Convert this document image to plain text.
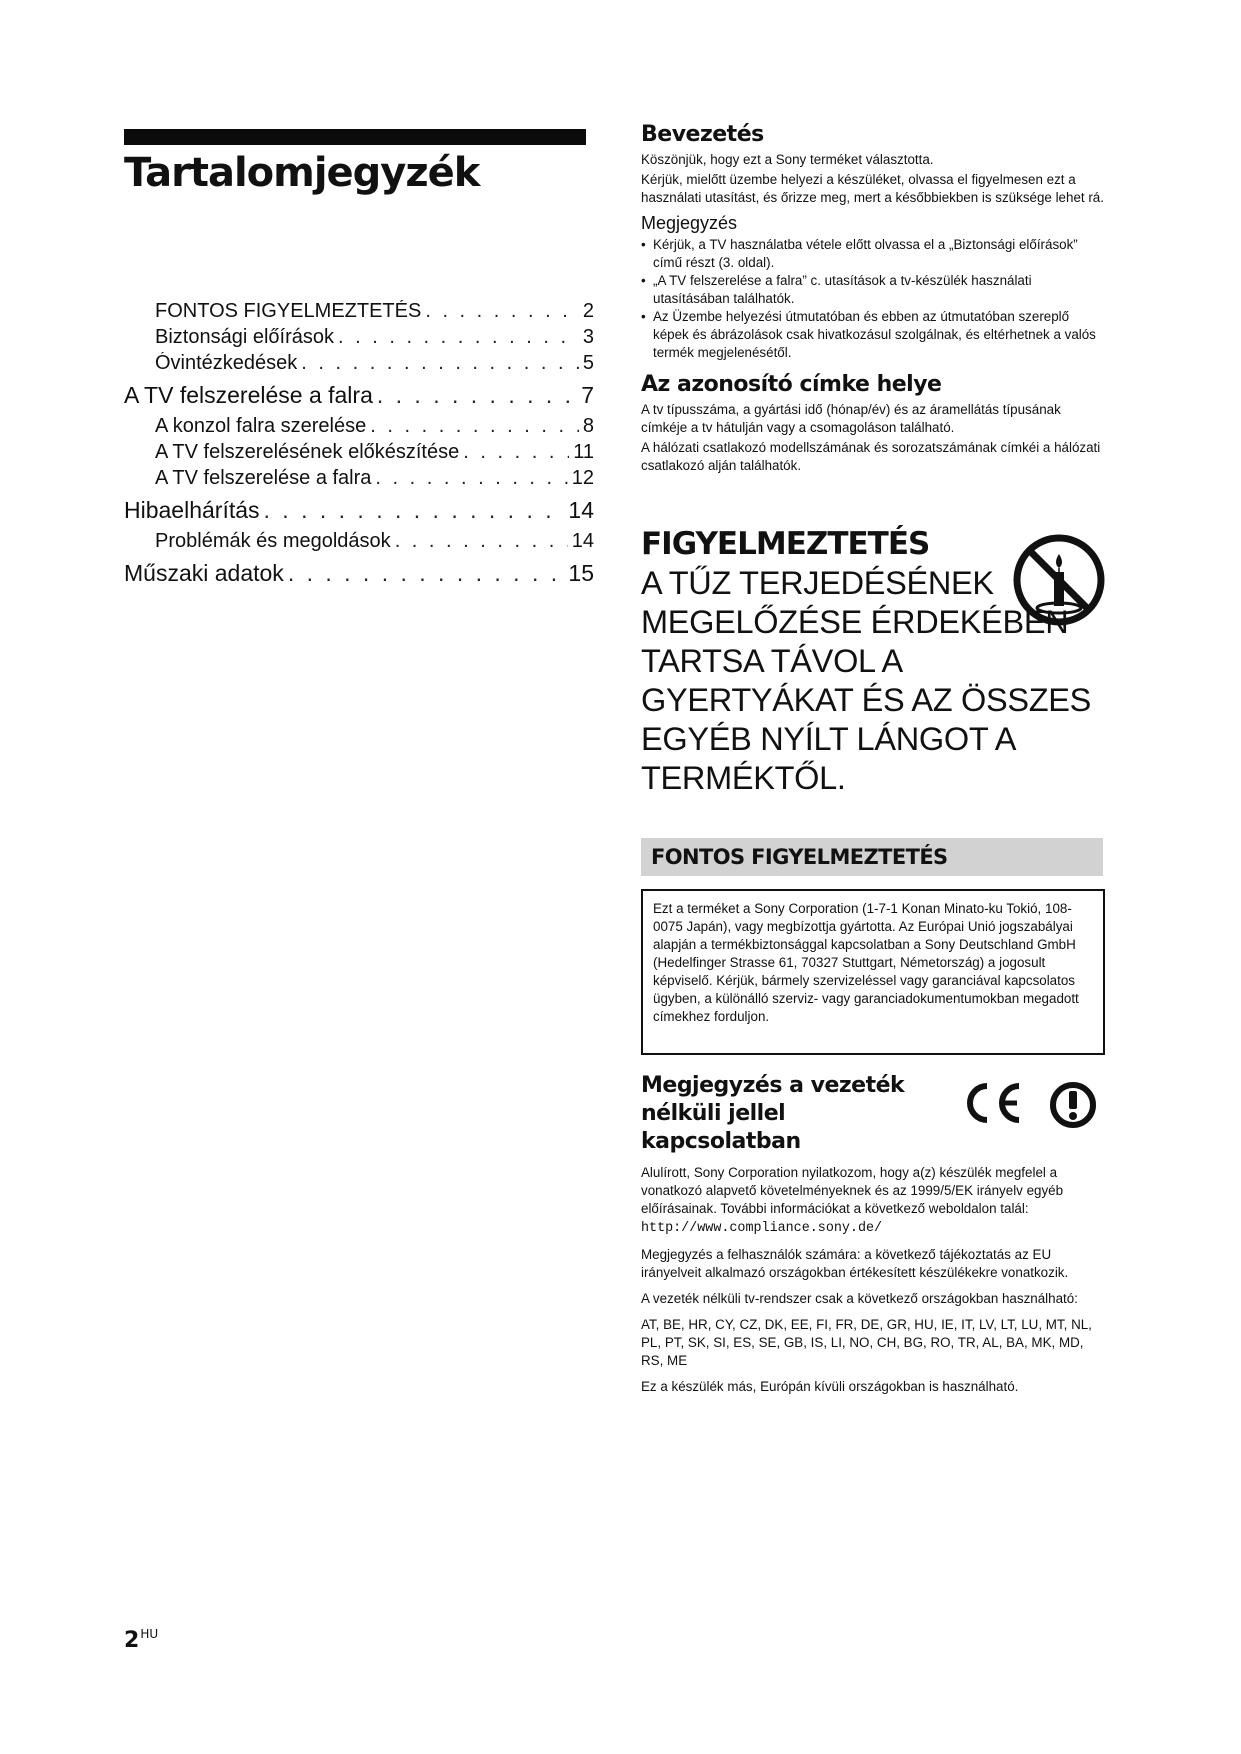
Tartalomjegyzék
FONTOS FIGYELMEZTETÉS . . .	2
Biztonsági előírások . . .	3
Óvintézkedések . . .	5
A TV felszerelése a falra . . .	7
A konzol falra szerelése . . .	8
A TV felszerelésének előkészítése . . .	11
A TV felszerelése a falra . . .	12
Hibaelhárítás . . .	14
Problémák és megoldások . . .	14
Műszaki adatok . . .	15
Bevezetés

Köszönjük, hogy ezt a Sony terméket választotta.

Kérjük, mielőtt üzembe helyezi a készüléket, olvassa el figyelmesen ezt a használati utasítást, és őrizze meg, mert a későbbiekben is szüksége lehet rá.

Megjegyzés
• Kérjük, a TV használatba vétele előtt olvassa el a „Biztonsági előírások” című részt (3. oldal).
• „A TV felszerelése a falra” c. utasítások a tv-készülék használati utasításában találhatók.
• Az Üzembe helyezési útmutatóban és ebben az útmutatóban szereplő képek és ábrázolások csak hivatkozásul szolgálnak, és eltérhetnek a valós termék megjelenésétől.
Az azonosító címke helye

A tv típusszáma, a gyártási idő (hónap/év) és az áramellátás típusának címkéje a tv hátulján vagy a csomagoláson található.

A hálózati csatlakozó modellszámának és sorozatszámának címkéi a hálózati csatlakozó alján találhatók.

FIGYELMEZTETÉS
A TŰZ TERJEDÉSÉNEK MEGELŐZÉSE ÉRDEKÉBEN TARTSA TÁVOL A GYERTYÁKAT ÉS AZ ÖSSZES EGYÉB NYÍLT LÁNGOT A TERMÉKTŐL.
FONTOS FIGYELMEZTETÉS
Ezt a terméket a Sony Corporation (1-7-1 Konan Minato-ku Tokió, 108-0075 Japán), vagy megbízottja gyártotta. Az Európai Unió jogszabályai alapján a termékbiztonsággal kapcsolatban a Sony Deutschland GmbH (Hedelfinger Strasse 61, 70327 Stuttgart, Németország) a jogosult képviselő. Kérjük, bármely szervizeléssel vagy garanciával kapcsolatos ügyben, a különálló szerviz- vagy garanciadokumentumokban megadott címekhez forduljon.
Megjegyzés a vezeték nélküli jellel kapcsolatban

Alulírott, Sony Corporation nyilatkozom, hogy a(z) készülék megfelel a vonatkozó alapvető követelményeknek és az 1999/5/EK irányelv egyéb előírásainak. További információkat a következő weboldalon talál: http://www.compliance.sony.de/

Megjegyzés a felhasználók számára: a következő tájékoztatás az EU irányelveit alkalmazó országokban értékesített készülékekre vonatkozik.

A vezeték nélküli tv-rendszer csak a következő országokban használható:

AT, BE, HR, CY, CZ, DK, EE, FI, FR, DE, GR, HU, IE, IT, LV, LT, LU, MT, NL, PL, PT, SK, SI, ES, SE, GB, IS, LI, NO, CH, BG, RO, TR, AL, BA, MK, MD, RS, ME

Ez a készülék más, Európán kívüli országokban is használható.

$2^{HU}$
